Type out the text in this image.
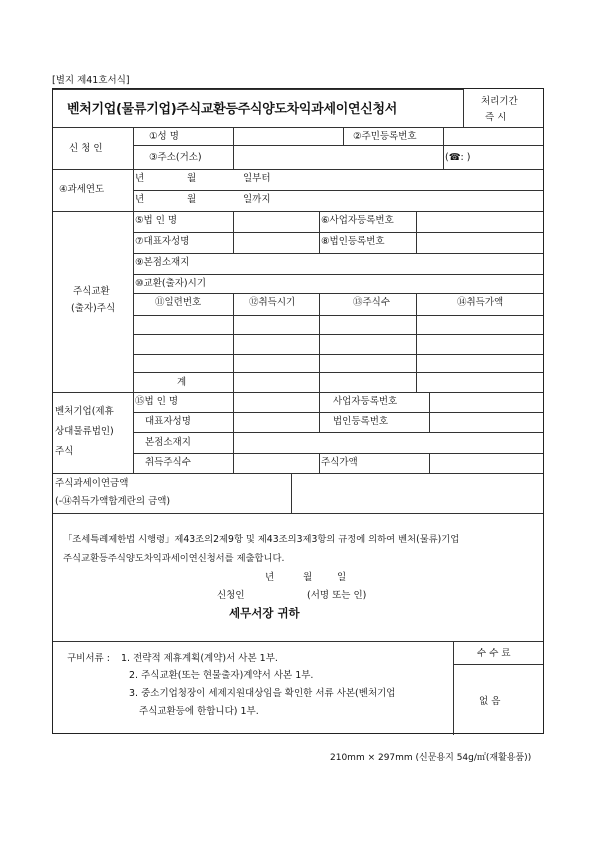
[별지 제41호서식]
벤처기업(물류기업)주식교환등주식양도차익과세이연신청서
처리기간
즉 시
신 청 인
①성 명	②주민등록번호
③주소(거소)	(☎: )
④과세연도
년	월	일부터
년	월	일까지
주식교환
(출자)주식
⑤법 인 명	⑥사업자등록번호
⑦대표자성명	⑧법인등록번호
⑨본점소재지
⑩교환(출자)시기
⑪일련번호	⑫취득시기	⑬주식수	⑭취득가액
계
벤처기업(제휴
상대물류법인)
주식
⑮법 인 명	사업자등록번호
대표자성명	법인등록번호
본점소재지
취득주식수	주식가액
주식과세이연금액
(-⑭취득가액합계란의 금액)
「조세특례제한법 시행령」제43조의2제9항 및 제43조의3제3항의 규정에 의하여 벤처(물류)기업
주식교환등주식양도차익과세이연신청서를 제출합니다.
년	월	일
신청인	(서명 또는 인)
세무서장 귀하
구비서류 : 1. 전략적 제휴계획(계약)서 사본 1부.
2. 주식교환(또는 현물출자)계약서 사본 1부.
3. 중소기업청장이 세제지원대상임을 확인한 서류 사본(벤처기업
주식교환등에 한합니다) 1부.
수 수 료
없 음
210mm × 297mm (신문용지 54g/㎡(재활용품))
